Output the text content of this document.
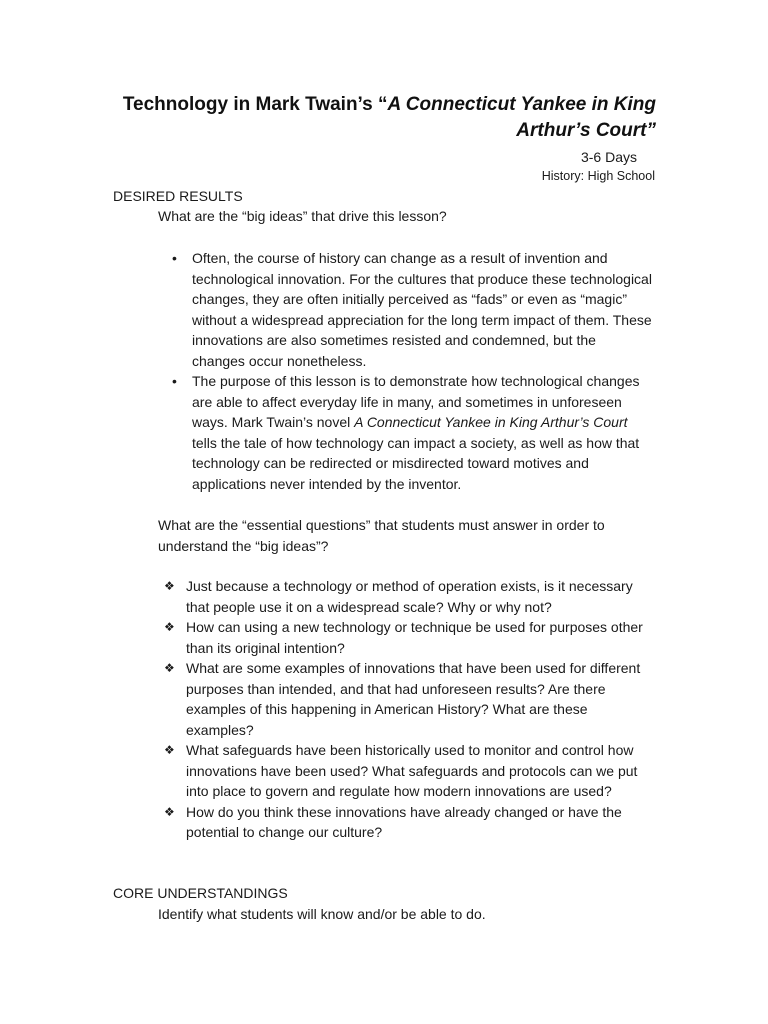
Technology in Mark Twain’s “A Connecticut Yankee in King Arthur’s Court”
3-6 Days
History: High School
DESIRED RESULTS
What are the “big ideas” that drive this lesson?
• Often, the course of history can change as a result of invention and technological innovation. For the cultures that produce these technological changes, they are often initially perceived as “fads” or even as “magic” without a widespread appreciation for the long term impact of them. These innovations are also sometimes resisted and condemned, but the changes occur nonetheless.
• The purpose of this lesson is to demonstrate how technological changes are able to affect everyday life in many, and sometimes in unforeseen ways. Mark Twain’s novel A Connecticut Yankee in King Arthur’s Court tells the tale of how technology can impact a society, as well as how that technology can be redirected or misdirected toward motives and applications never intended by the inventor.
What are the “essential questions” that students must answer in order to understand the “big ideas”?
❖ Just because a technology or method of operation exists, is it necessary that people use it on a widespread scale? Why or why not?
❖ How can using a new technology or technique be used for purposes other than its original intention?
❖ What are some examples of innovations that have been used for different purposes than intended, and that had unforeseen results? Are there examples of this happening in American History? What are these examples?
❖ What safeguards have been historically used to monitor and control how innovations have been used? What safeguards and protocols can we put into place to govern and regulate how modern innovations are used?
❖ How do you think these innovations have already changed or have the potential to change our culture?
CORE UNDERSTANDINGS
Identify what students will know and/or be able to do.
